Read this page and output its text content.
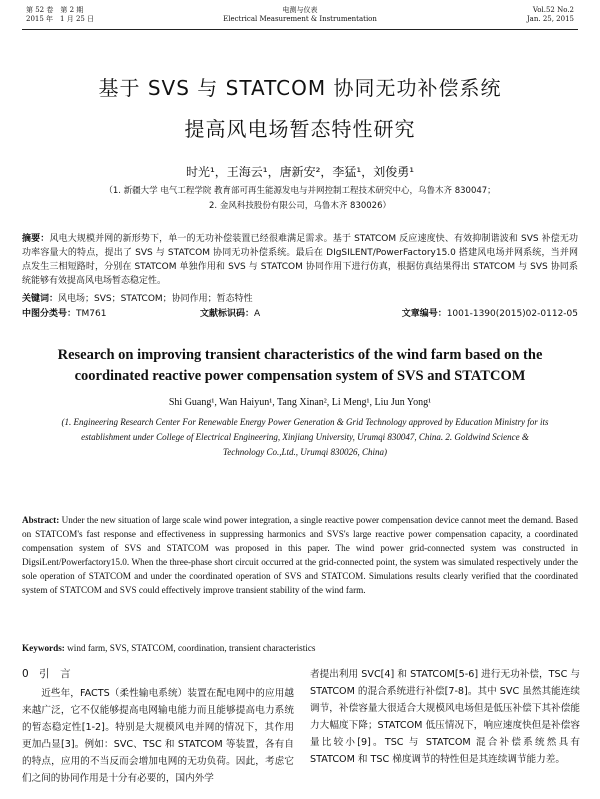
第 52 卷　第 2 期
2015 年　1 月 25 日
电测与仪表
Electrical Measurement & Instrumentation
Vol.52 No.2
Jan. 25, 2015
基于 SVS 与 STATCOM 协同无功补偿系统
提高风电场暂态特性研究
时光¹，王海云¹，唐新安²，李猛¹，刘俊勇¹
（1. 新疆大学 电气工程学院 教育部可再生能源发电与并网控制工程技术研究中心，乌鲁木齐 830047；
2. 金风科技股份有限公司，乌鲁木齐 830026）
摘要：风电大规模并网的新形势下，单一的无功补偿装置已经很难满足需求。基于 STATCOM 反应速度快、有效抑制谐波和 SVS 补偿无功功率容量大的特点，提出了 SVS 与 STATCOM 协同无功补偿系统。最后在 DIgSILENT/PowerFactory15.0 搭建风电场并网系统，当并网点发生三相短路时，分别在 STATCOM 单独作用和 SVS 与 STATCOM 协同作用下进行仿真，根据仿真结果得出 STATCOM 与 SVS 协同系统能够有效提高风电场暂态稳定性。
关键词：风电场；SVS；STATCOM；协同作用；暂态特性
中图分类号：TM761	文献标识码：A	文章编号：1001-1390(2015)02-0112-05
Research on improving transient characteristics of the wind farm based on the coordinated reactive power compensation system of SVS and STATCOM
Shi Guang¹, Wan Haiyun¹, Tang Xinan², Li Meng¹, Liu Jun Yong¹
(1. Engineering Research Center For Renewable Energy Power Generation & Grid Technology approved by Education Ministry for its establishment under College of Electrical Engineering, Xinjiang University, Urumqi 830047, China. 2. Goldwind Science & Technology Co.,Ltd., Urumqi 830026, China)
Abstract: Under the new situation of large scale wind power integration, a single reactive power compensation device cannot meet the demand. Based on STATCOM's fast response and effectiveness in suppressing harmonics and SVS's large reactive power compensation capacity, a coordinated compensation system of SVS and STATCOM was proposed in this paper. The wind power grid-connected system was constructed in DigsiLent/Powerfactory15.0. When the three-phase short circuit occurred at the grid-connected point, the system was simulated respectively under the sole operation of STATCOM and under the coordinated operation of SVS and STATCOM. Simulations results clearly verified that the coordinated system of STATCOM and SVS could effectively improve transient stability of the wind farm.
Keywords: wind farm, SVS, STATCOM, coordination, transient characteristics
0　引　言
近些年，FACTS（柔性输电系统）装置在配电网中的应用越来越广泛，它不仅能够提高电网输电能力而且能够提高电力系统的暂态稳定性[1-2]。特别是大规模风电并网的情况下，其作用更加凸显[3]。例如：SVC、TSC 和 STATCOM 等装置，各有自的特点，应用的不当反而会增加电网的无功负荷。因此，考虑它们之间的协同作用是十分有必要的，国内外学
者提出利用 SVC[4] 和 STATCOM[5-6] 进行无功补偿，TSC 与 STATCOM 的混合系统进行补偿[7-8]。其中 SVC 虽然其能连续调节，补偿容量大很适合大规模风电场但是低压补偿下其补偿能力大幅度下降；STATCOM 低压情况下，响应速度快但是补偿容量比较小[9]。TSC 与 STATCOM 混合补偿系统然具有 STATCOM 和 TSC 梯度调节的特性但是其连续调节能力差。
